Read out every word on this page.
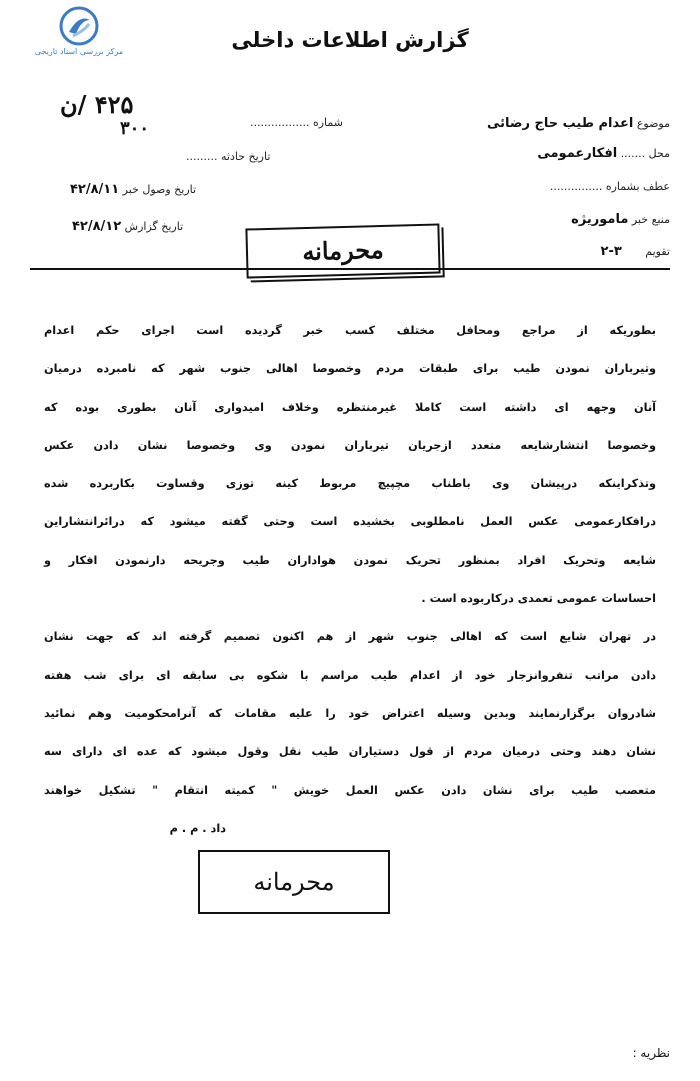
مرکز بررسی اسناد تاریخی	گزارش اطلاعات داخلی
شماره .................
۴۲۵ /ن
۳۰۰
تاریخ حادثه .........
تاریخ وصول خبر ۴۲/۸/۱۱
تاریخ گزارش ۴۲/۸/۱۲
موضوع اعدام طیب حاج رضائی
محل ....... افکارعمومی
عطف بشماره ...............
منبع خبر ماموریژه
تقویم ۳-۲
محرمانه

بطوریکه از مراجع ومحافل مختلف کسب خبر گردیده است اجرای حکم اعدام

وتیرباران نمودن طیب برای طبقات مردم وخصوصا اهالی جنوب شهر که نامبرده درمیان

آنان وجهه ای داشته است کاملا غیرمنتظره وخلاف امیدواری آنان بطوری بوده که

وخصوصا انتشارشایعه متعدد ازجریان تیرباران نمودن وی وخصوصا نشان دادن عکس

وتذکراینکه درپیشان وی باطناب مچپیچ مربوط کینه توزی وقساوت بکاربرده شده

درافکارعمومی عکس العمل نامطلوبی بخشیده است وحتی گفته میشود که درائرانتشاراین

شایعه وتحریک افراد بمنظور تحریک نمودن هواداران طیب وجریحه دارنمودن افکار و

احساسات عمومی تعمدی درکاربوده است .

در تهران شایع است که اهالی جنوب شهر از هم اکنون تصمیم گرفته اند که جهت نشان

دادن مراتب تنفروانزجار خود از اعدام طیب مراسم با شکوه بی سابقه ای برای شب هفته

شادروان برگزارنمایند وبدین وسیله اعتراض خود را علیه مقامات که آنرامحکومیت وهم نمائید

نشان دهند وحتی درمیان مردم از قول دستیاران طیب نقل وقول میشود که عده ای دارای سه

متعصب طیب برای نشان دادن عکس العمل خویش " کمیته انتقام " تشکیل خواهند

داد . م . م

محرمانه
نظریه :
